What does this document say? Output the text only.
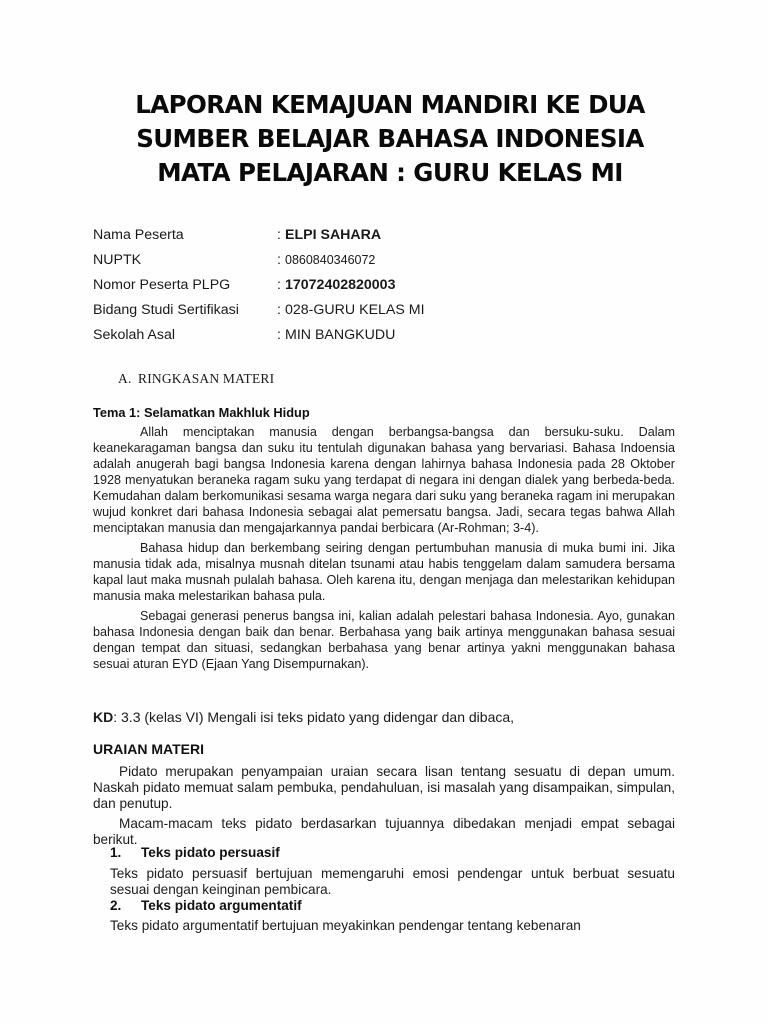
LAPORAN KEMAJUAN MANDIRI KE DUA
SUMBER BELAJAR BAHASA INDONESIA
MATA PELAJARAN : GURU KELAS MI
Nama Peserta	: ELPI SAHARA
NUPTK	: 0860840346072
Nomor Peserta PLPG	: 17072402820003
Bidang Studi Sertifikasi	: 028-GURU KELAS MI
Sekolah Asal	: MIN BANGKUDU
A. RINGKASAN MATERI
Tema 1: Selamatkan Makhluk Hidup

Allah menciptakan manusia dengan berbangsa-bangsa dan bersuku-suku. Dalam keanekaragaman bangsa dan suku itu tentulah digunakan bahasa yang bervariasi. Bahasa Indoensia adalah anugerah bagi bangsa Indonesia karena dengan lahirnya bahasa Indonesia pada 28 Oktober 1928 menyatukan beraneka ragam suku yang terdapat di negara ini dengan dialek yang berbeda-beda. Kemudahan dalam berkomunikasi sesama warga negara dari suku yang beraneka ragam ini merupakan wujud konkret dari bahasa Indonesia sebagai alat pemersatu bangsa. Jadi, secara tegas bahwa Allah menciptakan manusia dan mengajarkannya pandai berbicara (Ar-Rohman; 3-4).

Bahasa hidup dan berkembang seiring dengan pertumbuhan manusia di muka bumi ini. Jika manusia tidak ada, misalnya musnah ditelan tsunami atau habis tenggelam dalam samudera bersama kapal laut maka musnah pulalah bahasa. Oleh karena itu, dengan menjaga dan melestarikan kehidupan manusia maka melestarikan bahasa pula.

Sebagai generasi penerus bangsa ini, kalian adalah pelestari bahasa Indonesia. Ayo, gunakan bahasa Indonesia dengan baik dan benar. Berbahasa yang baik artinya menggunakan bahasa sesuai dengan tempat dan situasi, sedangkan berbahasa yang benar artinya yakni menggunakan bahasa sesuai aturan EYD (Ejaan Yang Disempurnakan).

KD: 3.3 (kelas VI) Mengali isi teks pidato yang didengar dan dibaca,
URAIAN MATERI

Pidato merupakan penyampaian uraian secara lisan tentang sesuatu di depan umum. Naskah pidato memuat salam pembuka, pendahuluan, isi masalah yang disampaikan, simpulan, dan penutup.

Macam-macam teks pidato berdasarkan tujuannya dibedakan menjadi empat sebagai berikut.

1. Teks pidato persuasif

Teks pidato persuasif bertujuan memengaruhi emosi pendengar untuk berbuat sesuatu sesuai dengan keinginan pembicara.

2. Teks pidato argumentatif

Teks pidato argumentatif bertujuan meyakinkan pendengar tentang kebenaran
